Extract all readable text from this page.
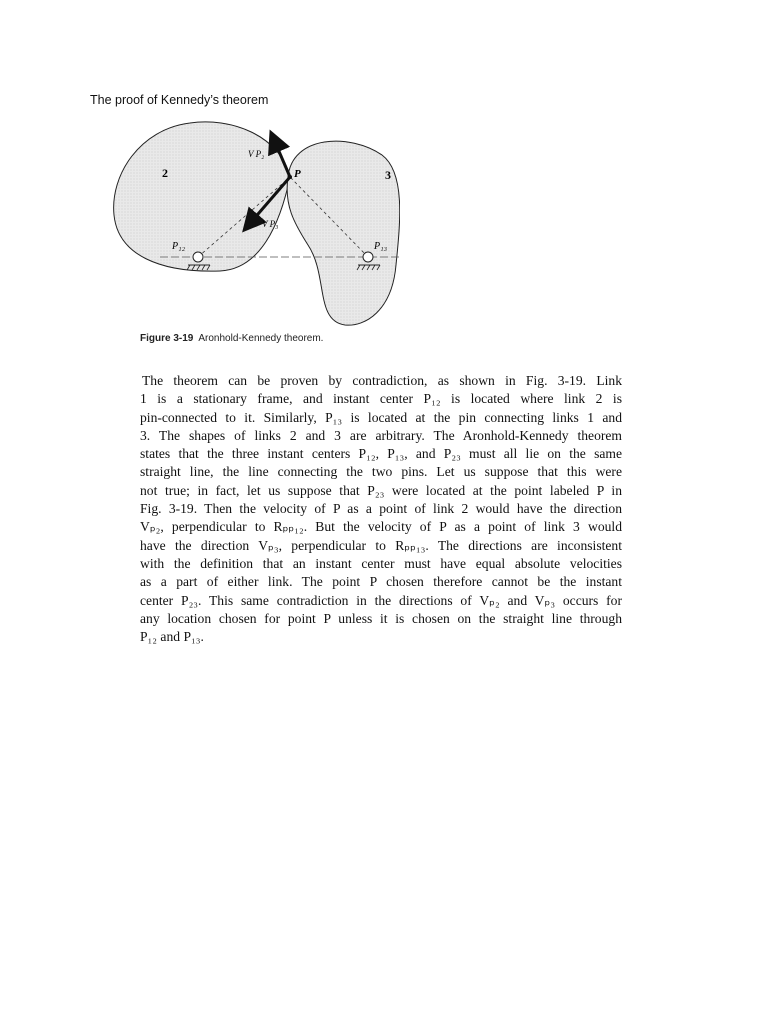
The proof of Kennedy’s theorem
2	3
P
V P₂
V P₃
P₁₂	P₁₃
Figure 3-19 Aronhold-Kennedy theorem.
The theorem can be proven by contradiction, as shown in Fig. 3-19. Link
1 is a stationary frame, and instant center P₁₂ is located where link 2 is
pin-connected to it. Similarly, P₁₃ is located at the pin connecting links 1 and
3. The shapes of links 2 and 3 are arbitrary. The Aronhold-Kennedy theorem
states that the three instant centers P₁₂, P₁₃, and P₂₃ must all lie on the same
straight line, the line connecting the two pins. Let us suppose that this were
not true; in fact, let us suppose that P₂₃ were located at the point labeled P in
Fig. 3-19. Then the velocity of P as a point of link 2 would have the direction
Vₚ₂, perpendicular to Rₚₚ₁₂. But the velocity of P as a point of link 3 would
have the direction Vₚ₃, perpendicular to Rₚₚ₁₃. The directions are inconsistent
with the definition that an instant center must have equal absolute velocities
as a part of either link. The point P chosen therefore cannot be the instant
center P₂₃. This same contradiction in the directions of Vₚ₂ and Vₚ₃ occurs for
any location chosen for point P unless it is chosen on the straight line through
P₁₂ and P₁₃.
